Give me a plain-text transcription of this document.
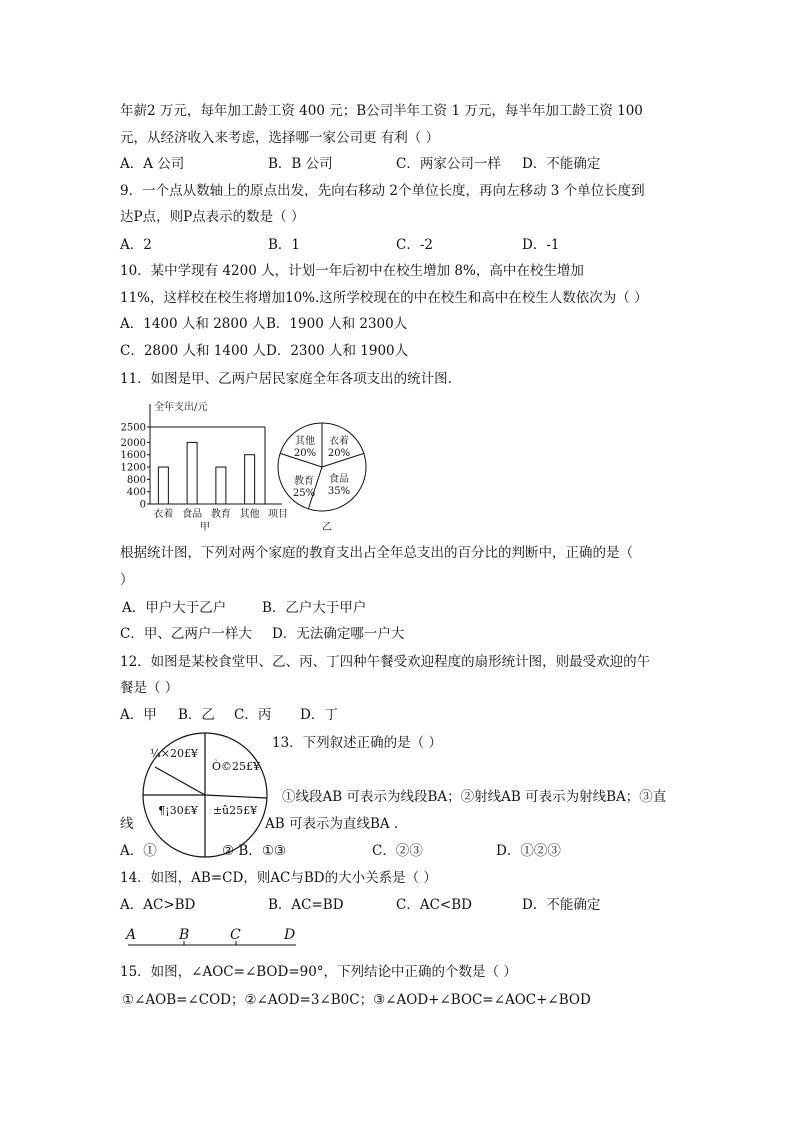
年薪2 万元，每年加工龄工资 400 元；B公司半年工资 1 万元，每半年加工龄工资 100
元，从经济收入来考虑，选择哪一家公司更 有利（ ）
A．A 公司	B．B 公司	C．两家公司一样 D．不能确定
9．一个点从数轴上的原点出发，先向右移动 2个单位长度，再向左移动 3 个单位长度到
达P点，则P点表示的数是（ ）
A．2	B．1	C．-2	D．-1
10．某中学现有 4200 人，计划一年后初中在校生增加 8%，高中在校生增加
11%，这样校在校生将增加10%.这所学校现在的中在校生和高中在校生人数依次为（ ）
A．1400 人和 2800 人 B．1900 人和 2300人
C．2800 人和 1400 人 D．2300 人和 1900人
11．如图是甲、乙两户居民家庭全年各项支出的统计图.
全年支出/元
0
400
800
1200
1600
2000
2500
衣着 食品 教育 其他 项目
甲
衣着
20%
食品
35%
教育
25%
其他
20%
乙
根据统计图，下列对两个家庭的教育支出占全年总支出的百分比的判断中，正确的是（
）
A．甲户大于乙户	B．乙户大于甲户
C．甲、乙两户一样大 D．无法确定哪一户大
12．如图是某校食堂甲、乙、丙、丁四种午餐受欢迎程度的扇形统计图，则最受欢迎的午
餐是（ ）
A．甲 B．乙 C．丙 D．丁
¼×20£¥
Ò©25£¥
±û25£¥
¶¡30£¥
13．下列叙述正确的是（ ）
①线段AB 可表示为线段BA；②射线AB 可表示为射线BA；③直
线	AB 可表示为直线BA .
A．①	② B．①③	C．②③	D．①②③
14．如图，AB=CD，则AC与BD的大小关系是（ ）
A．AC>BD	B．AC=BD	C．AC<BD	D．不能确定
A	B	C	D
15．如图，∠AOC=∠BOD=90°，下列结论中正确的个数是（ ）
①∠AOB=∠COD；②∠AOD=3∠B0C；③∠AOD+∠BOC=∠AOC+∠BOD
